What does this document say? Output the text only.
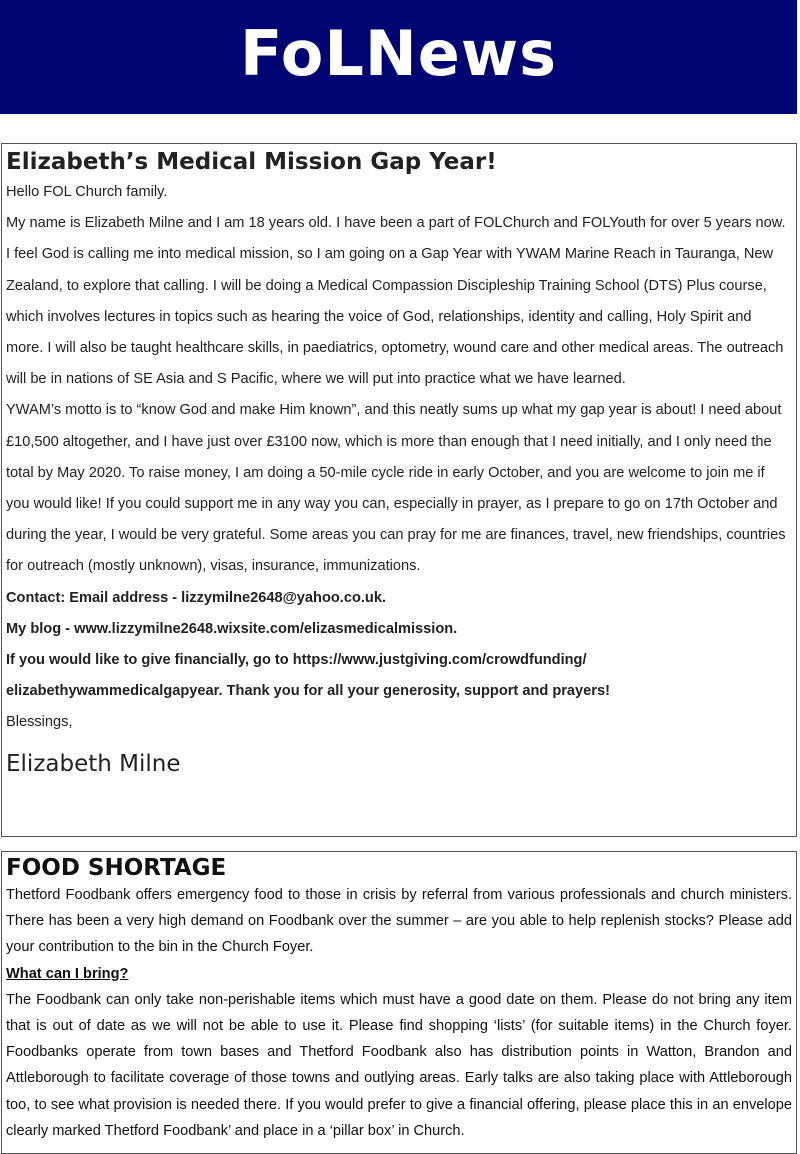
FoLNews
Elizabeth’s Medical Mission Gap Year!

Hello FOL Church family.

My name is Elizabeth Milne and I am 18 years old. I have been a part of FOLChurch and FOLYouth for over 5 years now. I feel God is calling me into medical mission, so I am going on a Gap Year with YWAM Marine Reach in Tauranga, New Zealand, to explore that calling. I will be doing a Medical Compassion Discipleship Training School (DTS) Plus course, which involves lectures in topics such as hearing the voice of God, relationships, identity and calling, Holy Spirit and more. I will also be taught healthcare skills, in paediatrics, optometry, wound care and other medical areas. The outreach will be in nations of SE Asia and S Pacific, where we will put into practice what we have learned.

YWAM’s motto is to “know God and make Him known”, and this neatly sums up what my gap year is about! I need about £10,500 altogether, and I have just over £3100 now, which is more than enough that I need initially, and I only need the total by May 2020. To raise money, I am doing a 50-mile cycle ride in early October, and you are welcome to join me if you would like! If you could support me in any way you can, especially in prayer, as I prepare to go on 17th October and during the year, I would be very grateful. Some areas you can pray for me are finances, travel, new friendships, countries for outreach (mostly unknown), visas, insurance, immunizations.

Contact: Email address - lizzymilne2648@yahoo.co.uk.

My blog - www.lizzymilne2648.wixsite.com/elizasmedicalmission.

If you would like to give financially, go to https://www.justgiving.com/crowdfunding/

elizabethywammedicalgapyear. Thank you for all your generosity, support and prayers!

Blessings,

Elizabeth Milne
FOOD SHORTAGE

Thetford Foodbank offers emergency food to those in crisis by referral from various professionals and church ministers. There has been a very high demand on Foodbank over the summer – are you able to help replenish stocks? Please add your contribution to the bin in the Church Foyer.

What can I bring?

The Foodbank can only take non-perishable items which must have a good date on them. Please do not bring any item that is out of date as we will not be able to use it. Please find shopping ‘lists’ (for suitable items) in the Church foyer. Foodbanks operate from town bases and Thetford Foodbank also has distribution points in Watton, Brandon and Attleborough to facilitate coverage of those towns and outlying areas. Early talks are also taking place with Attleborough too, to see what provision is needed there. If you would prefer to give a financial offering, please place this in an envelope clearly marked Thetford Foodbank’ and place in a ‘pillar box’ in Church.
